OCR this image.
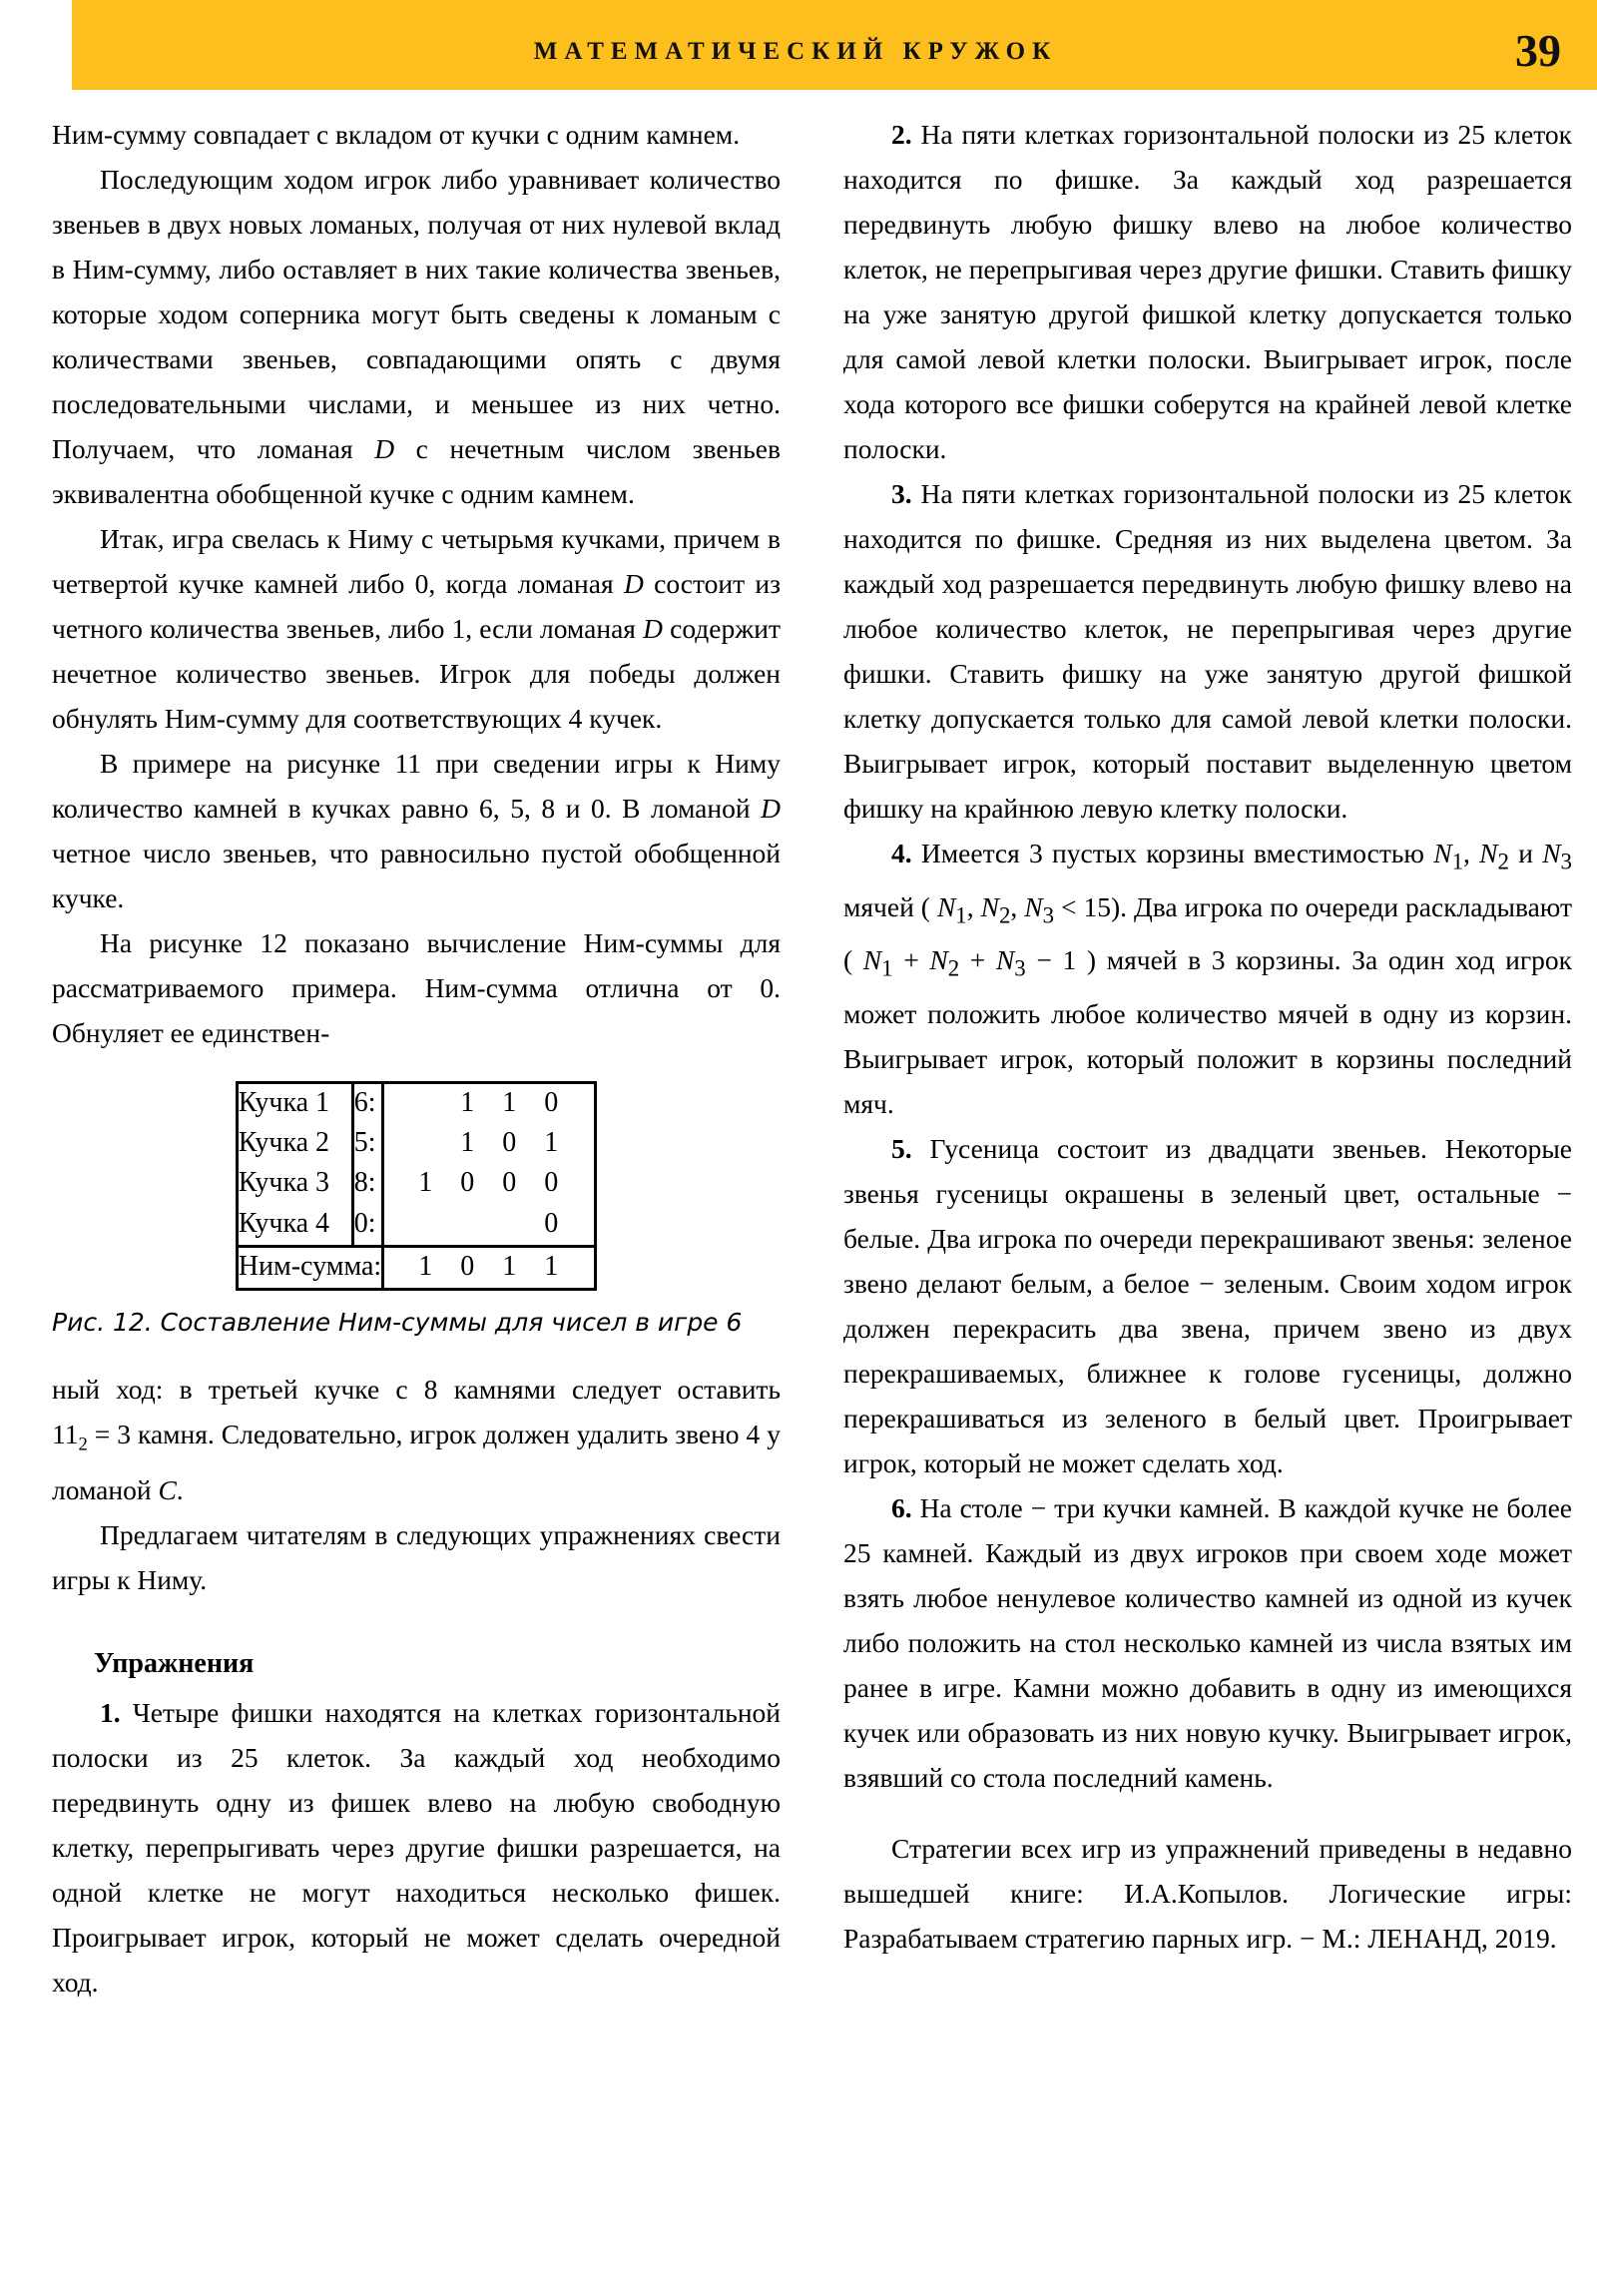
МАТЕМАТИЧЕСКИЙ КРУЖОК	39

Ним-сумму совпадает с вкладом от кучки с одним камнем.

Последующим ходом игрок либо уравнивает количество звеньев в двух новых ломаных, получая от них нулевой вклад в Ним-сумму, либо оставляет в них такие количества звеньев, которые ходом соперника могут быть сведены к ломаным с количествами звеньев, совпадающими опять с двумя последовательными числами, и меньшее из них четно. Получаем, что ломаная D с нечетным числом звеньев эквивалентна обобщенной кучке с одним камнем.

Итак, игра свелась к Ниму с четырьмя кучками, причем в четвертой кучке камней либо 0, когда ломаная D состоит из четного количества звеньев, либо 1, если ломаная D содержит нечетное количество звеньев. Игрок для победы должен обнулять Ним-сумму для соответствующих 4 кучек.

В примере на рисунке 11 при сведении игры к Ниму количество камней в кучках равно 6, 5, 8 и 0. В ломаной D четное число звеньев, что равносильно пустой обобщенной кучке.

На рисунке 12 показано вычисление Ним-суммы для рассматриваемого примера. Ним-сумма отлична от 0. Обнуляет ее единствен-

Кучка 1	6:		1	1	0
Кучка 2	5:		1	0	1
Кучка 3	8:	1	0	0	0
Кучка 4	0:				0
Ним-сумма:		1	0	1	1
Рис. 12. Составление Ним-суммы для чисел в игре 6

ный ход: в третьей кучке с 8 камнями следует оставить $11_2 = 3$ камня. Следовательно, игрок должен удалить звено 4 у ломаной C.

Предлагаем читателям в следующих упражнениях свести игры к Ниму.

Упражнения

1. Четыре фишки находятся на клетках горизонтальной полоски из 25 клеток. За каждый ход необходимо передвинуть одну из фишек влево на любую свободную клетку, перепрыгивать через другие фишки разрешается, на одной клетке не могут находиться несколько фишек. Проигрывает игрок, который не может сделать очередной ход.

2. На пяти клетках горизонтальной полоски из 25 клеток находится по фишке. За каждый ход разрешается передвинуть любую фишку влево на любое количество клеток, не перепрыгивая через другие фишки. Ставить фишку на уже занятую другой фишкой клетку допускается только для самой левой клетки полоски. Выигрывает игрок, после хода которого все фишки соберутся на крайней левой клетке полоски.

3. На пяти клетках горизонтальной полоски из 25 клеток находится по фишке. Средняя из них выделена цветом. За каждый ход разрешается передвинуть любую фишку влево на любое количество клеток, не перепрыгивая через другие фишки. Ставить фишку на уже занятую другой фишкой клетку допускается только для самой левой клетки полоски. Выигрывает игрок, который поставит выделенную цветом фишку на крайнюю левую клетку полоски.

4. Имеется 3 пустых корзины вместимостью $N_1$, $N_2$ и $N_3$ мячей ( $N_1$, $N_2$, $N_3 < 15$). Два игрока по очереди раскладывают ( $N_1 + N_2 + N_3 - 1$ ) мячей в 3 корзины. За один ход игрок может положить любое количество мячей в одну из корзин. Выигрывает игрок, который положит в корзины последний мяч.

5. Гусеница состоит из двадцати звеньев. Некоторые звенья гусеницы окрашены в зеленый цвет, остальные − белые. Два игрока по очереди перекрашивают звенья: зеленое звено делают белым, а белое − зеленым. Своим ходом игрок должен перекрасить два звена, причем звено из двух перекрашиваемых, ближнее к голове гусеницы, должно перекрашиваться из зеленого в белый цвет. Проигрывает игрок, который не может сделать ход.

6. На столе − три кучки камней. В каждой кучке не более 25 камней. Каждый из двух игроков при своем ходе может взять любое ненулевое количество камней из одной из кучек либо положить на стол несколько камней из числа взятых им ранее в игре. Камни можно добавить в одну из имеющихся кучек или образовать из них новую кучку. Выигрывает игрок, взявший со стола последний камень.

Стратегии всех игр из упражнений приведены в недавно вышедшей книге: И.А.Копылов. Логические игры: Разрабатываем стратегию парных игр. − М.: ЛЕНАНД, 2019.
